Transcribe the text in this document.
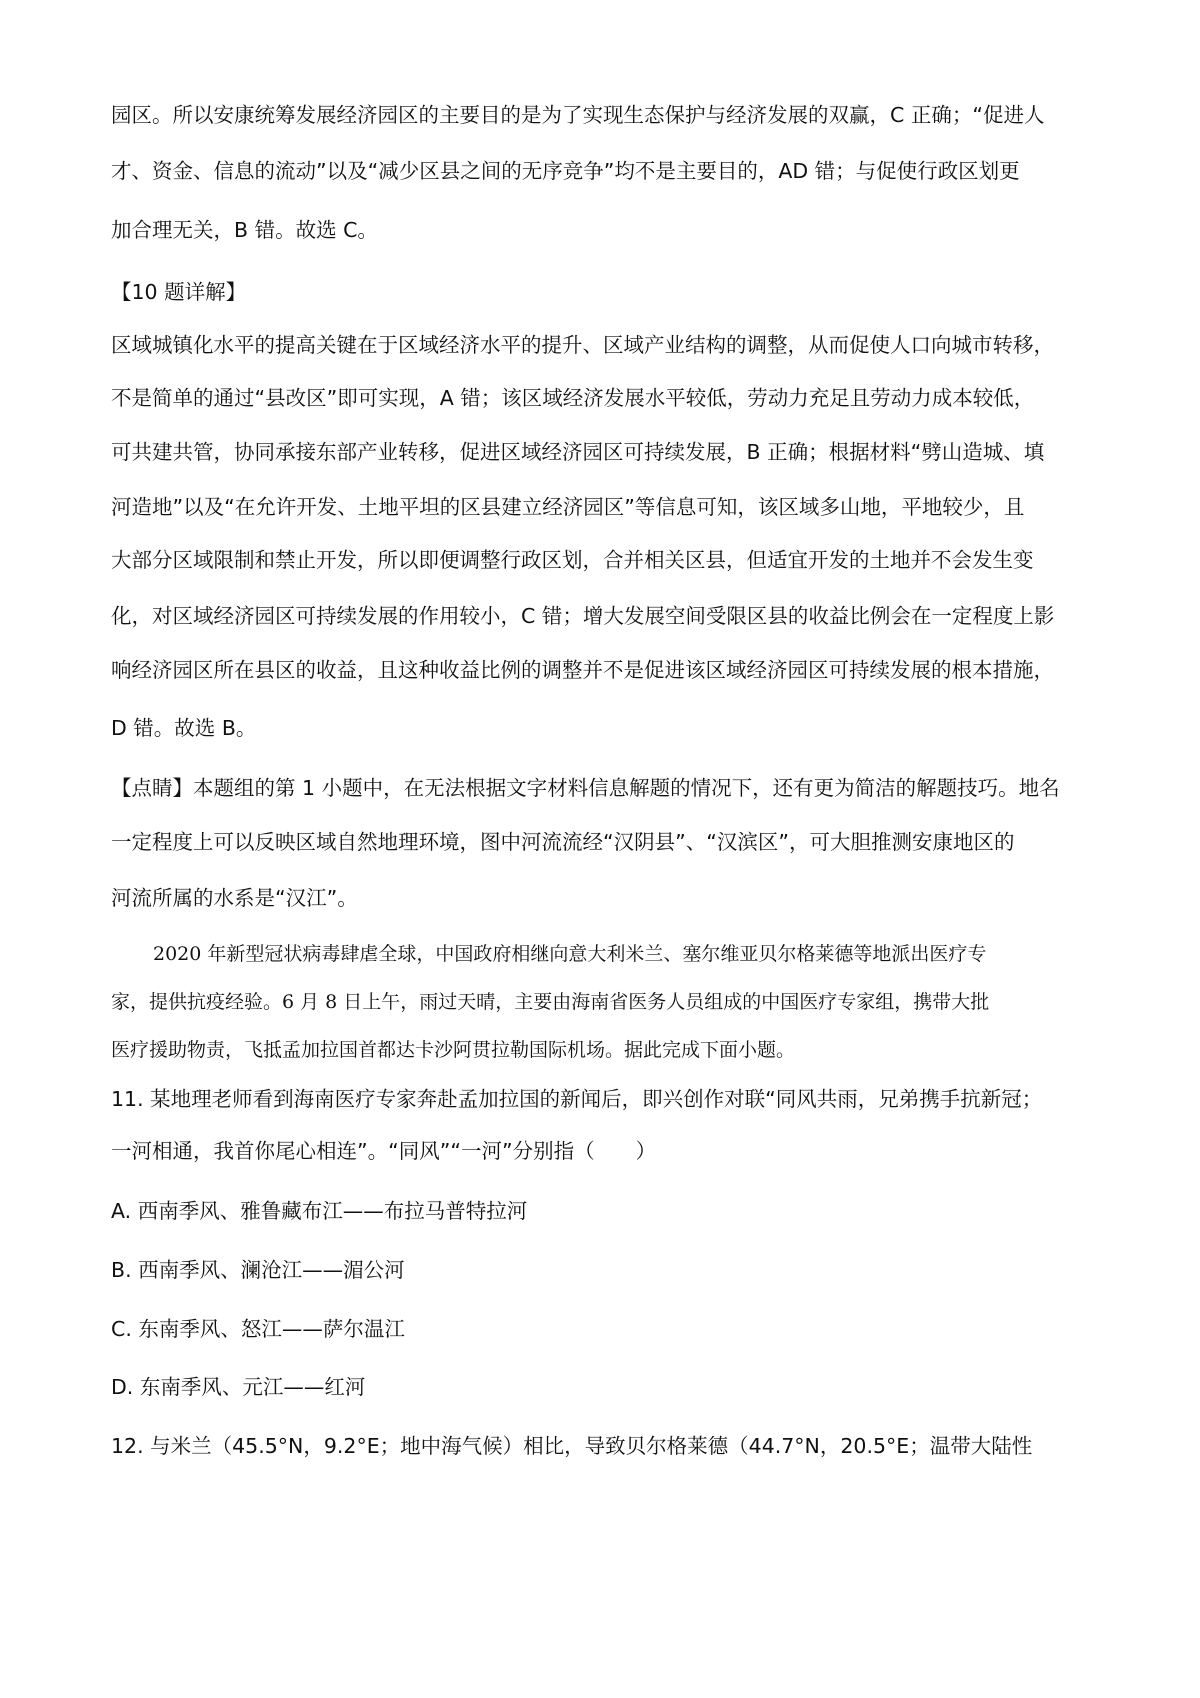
园区。所以安康统筹发展经济园区的主要目的是为了实现生态保护与经济发展的双赢，C 正确；“促进人
才、资金、信息的流动”以及“减少区县之间的无序竞争”均不是主要目的，AD 错；与促使行政区划更
加合理无关，B 错。故选 C。
【10 题详解】
区域城镇化水平的提高关键在于区域经济水平的提升、区域产业结构的调整，从而促使人口向城市转移，
不是简单的通过“县改区”即可实现，A 错；该区域经济发展水平较低，劳动力充足且劳动力成本较低，
可共建共管，协同承接东部产业转移，促进区域经济园区可持续发展，B 正确；根据材料“劈山造城、填
河造地”以及“在允许开发、土地平坦的区县建立经济园区”等信息可知，该区域多山地，平地较少，且
大部分区域限制和禁止开发，所以即便调整行政区划，合并相关区县，但适宜开发的土地并不会发生变
化，对区域经济园区可持续发展的作用较小，C 错；增大发展空间受限区县的收益比例会在一定程度上影
响经济园区所在县区的收益，且这种收益比例的调整并不是促进该区域经济园区可持续发展的根本措施，
D 错。故选 B。
【点睛】本题组的第 1 小题中，在无法根据文字材料信息解题的情况下，还有更为简洁的解题技巧。地名
一定程度上可以反映区域自然地理环境，图中河流流经“汉阴县”、“汉滨区”，可大胆推测安康地区的
河流所属的水系是“汉江”。
2020 年新型冠状病毒肆虐全球，中国政府相继向意大利米兰、塞尔维亚贝尔格莱德等地派出医疗专
家，提供抗疫经验。6 月 8 日上午，雨过天晴，主要由海南省医务人员组成的中国医疗专家组，携带大批
医疗援助物责，飞抵孟加拉国首都达卡沙阿贯拉勒国际机场。据此完成下面小题。
11. 某地理老师看到海南医疗专家奔赴孟加拉国的新闻后，即兴创作对联“同风共雨，兄弟携手抗新冠；
一河相通，我首你尾心相连”。“同风”“一河”分别指（　　）
A. 西南季风、雅鲁藏布江——布拉马普特拉河
B. 西南季风、澜沧江——湄公河
C. 东南季风、怒江——萨尔温江
D. 东南季风、元江——红河
12. 与米兰（45.5°N，9.2°E；地中海气候）相比，导致贝尔格莱德（44.7°N，20.5°E；温带大陆性
